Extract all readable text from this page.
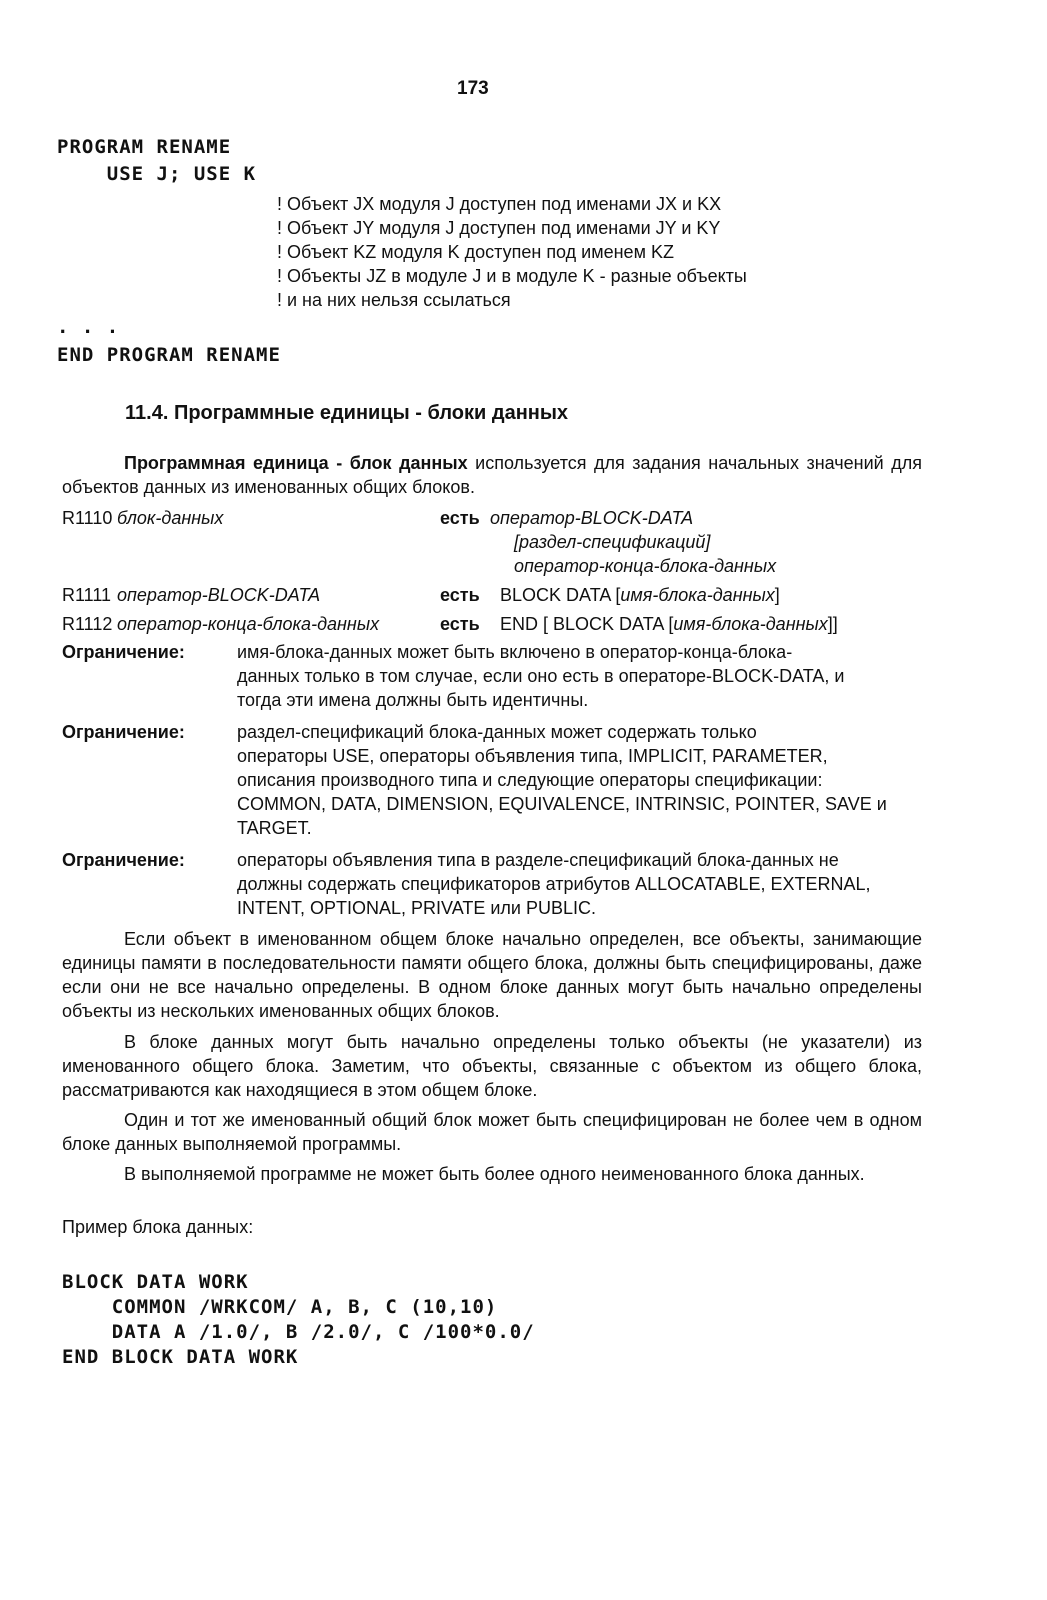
173
PROGRAM RENAME
USE J; USE K
! Объект JX модуля J доступен под именами JX и KX
! Объект JY модуля J доступен под именами JY и KY
! Объект KZ модуля K доступен под именем KZ
! Объекты JZ в модуле J и в модуле K - разные объекты
! и на них нельзя ссылаться
. . .
END PROGRAM RENAME
11.4. Программные единицы - блоки данных
Программная единица - блок данных используется для задания начальных значений для объектов данных из именованных общих блоков.
R1110 блок-данных	есть оператор-BLOCK-DATA
[раздел-спецификаций]
оператор-конца-блока-данных
R1111 оператор-BLOCK-DATA	есть BLOCK DATA [имя-блока-данных]
R1112 оператор-конца-блока-данных	есть END [ BLOCK DATA [имя-блока-данных]]
Ограничение:	имя-блока-данных может быть включено в оператор-конца-блока-
данных только в том случае, если оно есть в операторе-BLOCK-DATA, и
тогда эти имена должны быть идентичны.
Ограничение:	раздел-спецификаций блока-данных может содержать только
операторы USE, операторы объявления типа, IMPLICIT, PARAMETER,
описания производного типа и следующие операторы спецификации:
COMMON, DATA, DIMENSION, EQUIVALENCE, INTRINSIC, POINTER, SAVE и
TARGET.
Ограничение:	операторы объявления типа в разделе-спецификаций блока-данных не
должны содержать спецификаторов атрибутов ALLOCATABLE, EXTERNAL,
INTENT, OPTIONAL, PRIVATE или PUBLIC.
Если объект в именованном общем блоке начально определен, все объекты, занимающие единицы памяти в последовательности памяти общего блока, должны быть специфицированы, даже если они не все начально определены. В одном блоке данных могут быть начально определены объекты из нескольких именованных общих блоков.
В блоке данных могут быть начально определены только объекты (не указатели) из именованного общего блока. Заметим, что объекты, связанные с объектом из общего блока, рассматриваются как находящиеся в этом общем блоке.
Один и тот же именованный общий блок может быть специфицирован не более чем в одном блоке данных выполняемой программы.
В выполняемой программе не может быть более одного неименованного блока данных.
Пример блока данных:
BLOCK DATA WORK
COMMON /WRKCOM/ A, B, C (10,10)
DATA A /1.0/, B /2.0/, C /100*0.0/
END BLOCK DATA WORK
